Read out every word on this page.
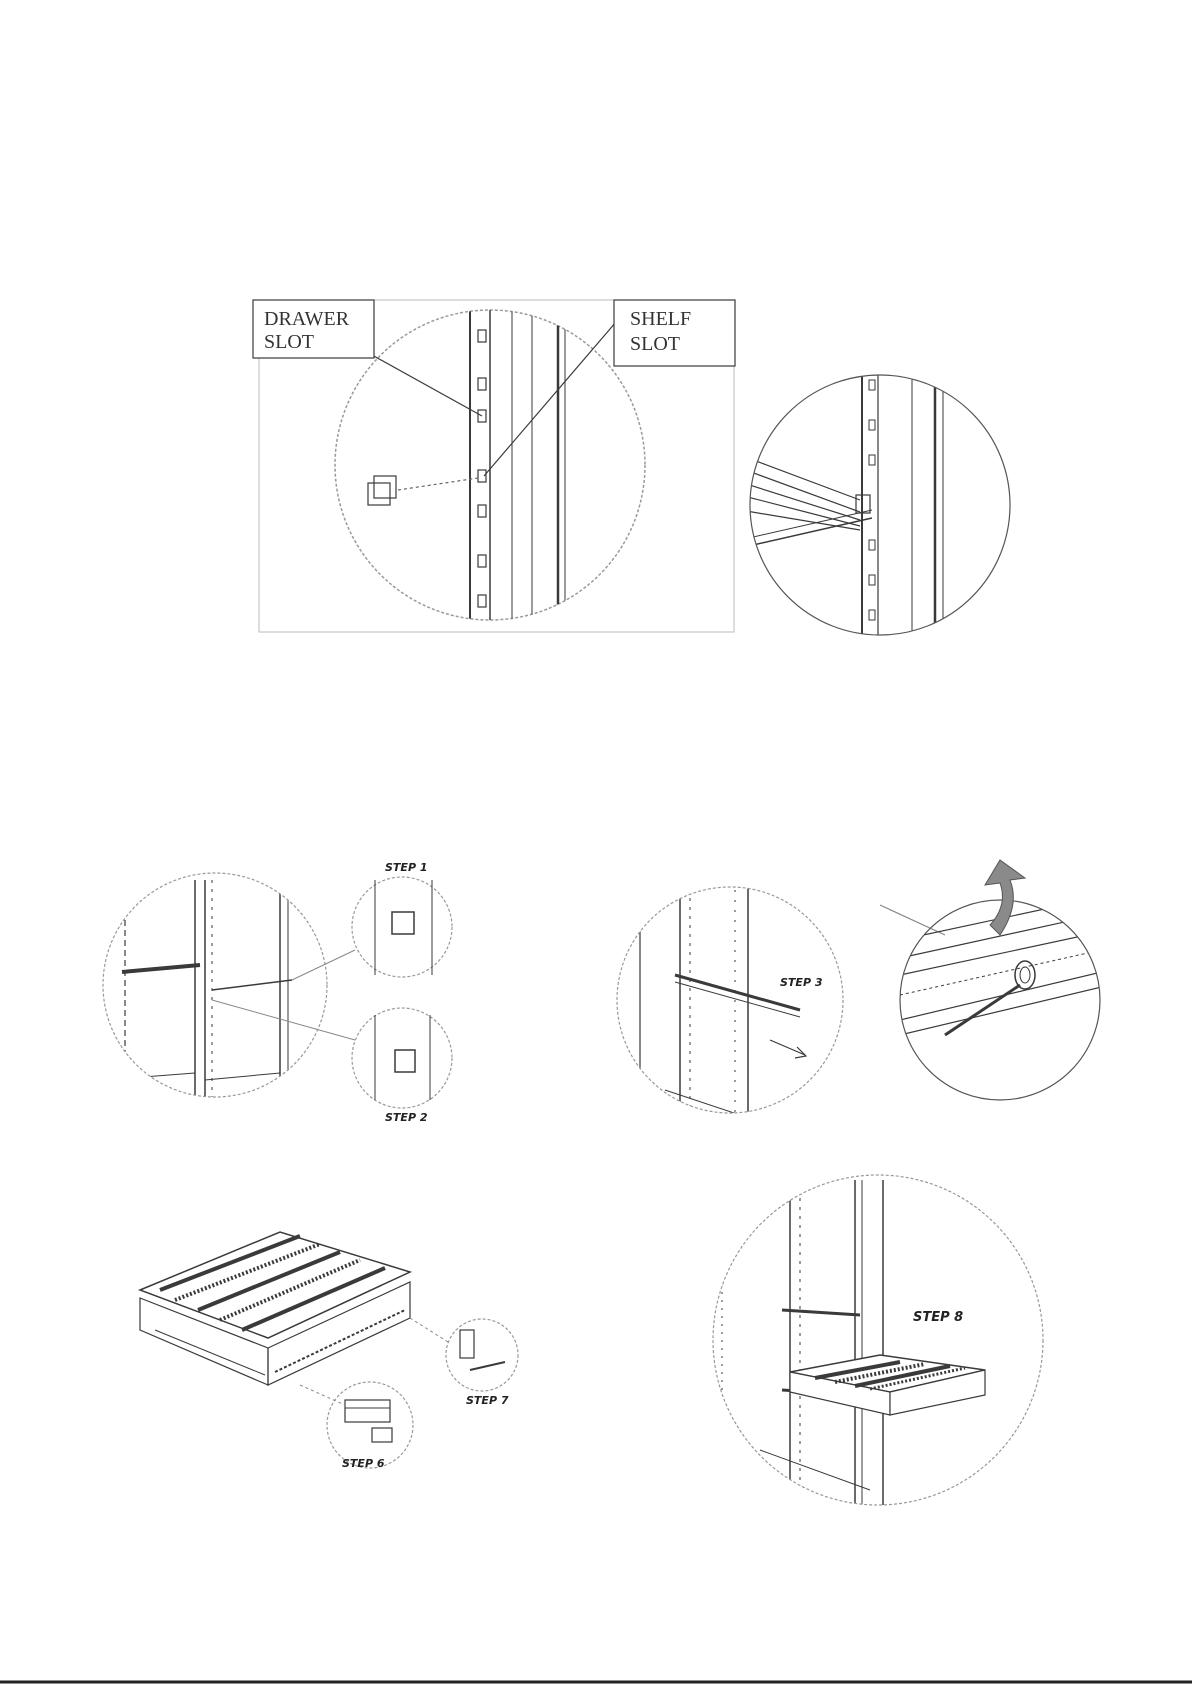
DRAWER
SLOT
SHELF
SLOT
STEP 1
STEP 2
STEP 3
STEP 6
STEP 7
STEP 8
